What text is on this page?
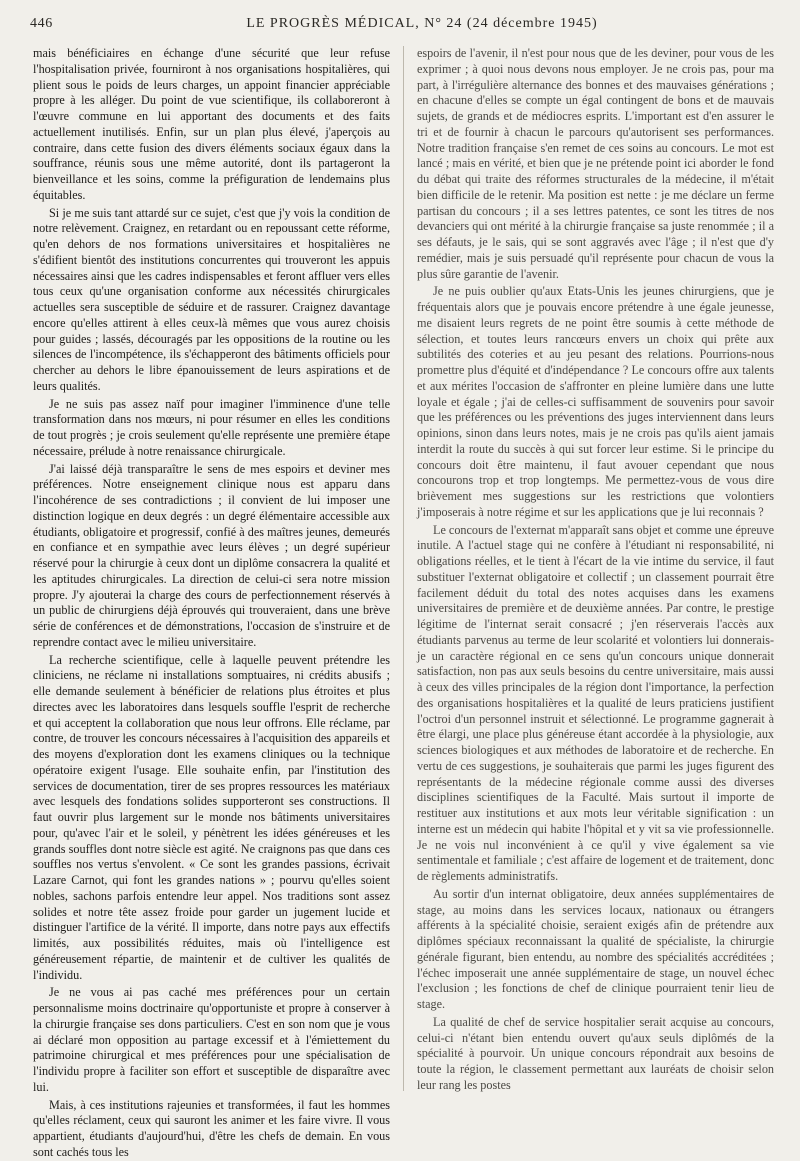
446	LE PROGRÈS MÉDICAL, N° 24 (24 décembre 1945)

mais bénéficiaires en échange d'une sécurité que leur refuse l'hospitalisation privée, fourniront à nos organisations hospitalières, qui plient sous le poids de leurs charges, un appoint financier appréciable propre à les alléger. Du point de vue scientifique, ils collaboreront à l'œuvre commune en lui apportant des documents et des faits actuellement inutilisés. Enfin, sur un plan plus élevé, j'aperçois au contraire, dans cette fusion des divers éléments sociaux égaux dans la souffrance, réunis sous une même autorité, dont ils partageront la bienveillance et les soins, comme la préfiguration de lendemains plus équitables.

Si je me suis tant attardé sur ce sujet, c'est que j'y vois la condition de notre relèvement. Craignez, en retardant ou en repoussant cette réforme, qu'en dehors de nos formations universitaires et hospitalières ne s'édifient bientôt des institutions concurrentes qui trouveront les appuis nécessaires ainsi que les cadres indispensables et feront affluer vers elles tous ceux qu'une organisation conforme aux nécessités chirurgicales actuelles sera susceptible de séduire et de rassurer. Craignez davantage encore qu'elles attirent à elles ceux-là mêmes que vous aurez choisis pour guides ; lassés, découragés par les oppositions de la routine ou les silences de l'incompétence, ils s'échapperont des bâtiments officiels pour chercher au dehors le libre épanouissement de leurs aspirations et de leurs qualités.

Je ne suis pas assez naïf pour imaginer l'imminence d'une telle transformation dans nos mœurs, ni pour résumer en elles les conditions de tout progrès ; je crois seulement qu'elle représente une première étape nécessaire, prélude à notre renaissance chirurgicale.

J'ai laissé déjà transparaître le sens de mes espoirs et deviner mes préférences. Notre enseignement clinique nous est apparu dans l'incohérence de ses contradictions ; il convient de lui imposer une distinction logique en deux degrés : un degré élémentaire accessible aux étudiants, obligatoire et progressif, confié à des maîtres jeunes, demeurés en confiance et en sympathie avec leurs élèves ; un degré supérieur réservé pour la chirurgie à ceux dont un diplôme consacrera la qualité et les aptitudes chirurgicales. La direction de celui-ci sera notre mission propre. J'y ajouterai la charge des cours de perfectionnement réservés à un public de chirurgiens déjà éprouvés qui trouveraient, dans une brève série de conférences et de démonstrations, l'occasion de s'instruire et de reprendre contact avec le milieu universitaire.

La recherche scientifique, celle à laquelle peuvent prétendre les cliniciens, ne réclame ni installations somptuaires, ni crédits abusifs ; elle demande seulement à bénéficier de relations plus étroites et plus directes avec les laboratoires dans lesquels souffle l'esprit de recherche et qui acceptent la collaboration que nous leur offrons. Elle réclame, par contre, de trouver les concours nécessaires à l'acquisition des appareils et des moyens d'exploration dont les examens cliniques ou la technique opératoire exigent l'usage. Elle souhaite enfin, par l'institution des services de documentation, tirer de ses propres ressources les matériaux avec lesquels des fondations solides supporteront ses constructions. Il faut ouvrir plus largement sur le monde nos bâtiments universitaires pour, qu'avec l'air et le soleil, y pénètrent les idées généreuses et les grands souffles dont notre siècle est agité. Ne craignons pas que dans ces souffles nos vertus s'envolent. « Ce sont les grandes passions, écrivait Lazare Carnot, qui font les grandes nations » ; pourvu qu'elles soient nobles, sachons parfois entendre leur appel. Nos traditions sont assez solides et notre tête assez froide pour garder un jugement lucide et distinguer l'artifice de la vérité. Il importe, dans notre pays aux effectifs limités, aux possibilités réduites, mais où l'intelligence est généreusement répartie, de maintenir et de cultiver les qualités de l'individu.

Je ne vous ai pas caché mes préférences pour un certain personnalisme moins doctrinaire qu'opportuniste et propre à conserver à la chirurgie française ses dons particuliers. C'est en son nom que je vous ai déclaré mon opposition au partage excessif et à l'émiettement du patrimoine chirurgical et mes préférences pour une spécialisation de l'individu propre à faciliter son effort et susceptible de disparaître avec lui.

Mais, à ces institutions rajeunies et transformées, il faut les hommes qu'elles réclament, ceux qui sauront les animer et les faire vivre. Il vous appartient, étudiants d'aujourd'hui, d'être les chefs de demain. En vous sont cachés tous les

espoirs de l'avenir, il n'est pour nous que de les deviner, pour vous de les exprimer ; à quoi nous devons nous employer. Je ne crois pas, pour ma part, à l'irrégulière alternance des bonnes et des mauvaises générations ; en chacune d'elles se compte un égal contingent de bons et de mauvais sujets, de grands et de médiocres esprits. L'important est d'en assurer le tri et de fournir à chacun le parcours qu'autorisent ses performances. Notre tradition française s'en remet de ces soins au concours. Le mot est lancé ; mais en vérité, et bien que je ne prétende point ici aborder le fond du débat qui traite des réformes structurales de la médecine, il m'était bien difficile de le retenir. Ma position est nette : je me déclare un ferme partisan du concours ; il a ses lettres patentes, ce sont les titres de nos devanciers qui ont mérité à la chirurgie française sa juste renommée ; il a ses défauts, je le sais, qui se sont aggravés avec l'âge ; il n'est que d'y remédier, mais je suis persuadé qu'il représente pour chacun de vous la plus sûre garantie de l'avenir.

Je ne puis oublier qu'aux Etats-Unis les jeunes chirurgiens, que je fréquentais alors que je pouvais encore prétendre à une égale jeunesse, me disaient leurs regrets de ne point être soumis à cette méthode de sélection, et toutes leurs rancœurs envers un choix qui prête aux subtilités des coteries et au jeu pesant des relations. Pourrions-nous promettre plus d'équité et d'indépendance ? Le concours offre aux talents et aux mérites l'occasion de s'affronter en pleine lumière dans une lutte loyale et égale ; j'ai de celles-ci suffisamment de souvenirs pour savoir que les préférences ou les préventions des juges interviennent dans leurs opinions, sinon dans leurs notes, mais je ne crois pas qu'ils aient jamais interdit la route du succès à qui sut forcer leur estime. Si le principe du concours doit être maintenu, il faut avouer cependant que nous concourons trop et trop longtemps. Me permettez-vous de vous dire brièvement mes suggestions sur les restrictions que volontiers j'imposerais à notre régime et sur les applications que je lui reconnais ?

Le concours de l'externat m'apparaît sans objet et comme une épreuve inutile. A l'actuel stage qui ne confère à l'étudiant ni responsabilité, ni obligations réelles, et le tient à l'écart de la vie intime du service, il faut substituer l'externat obligatoire et collectif ; un classement pourrait être facilement déduit du total des notes acquises dans les examens universitaires de première et de deuxième années. Par contre, le prestige légitime de l'internat serait consacré ; j'en réserverais l'accès aux étudiants parvenus au terme de leur scolarité et volontiers lui donnerais-je un caractère régional en ce sens qu'un concours unique donnerait satisfaction, non pas aux seuls besoins du centre universitaire, mais aussi à ceux des villes principales de la région dont l'importance, la perfection des organisations hospitalières et la qualité de leurs praticiens justifient l'octroi d'un personnel instruit et sélectionné. Le programme gagnerait à être élargi, une place plus généreuse étant accordée à la physiologie, aux sciences biologiques et aux méthodes de laboratoire et de recherche. En vertu de ces suggestions, je souhaiterais que parmi les juges figurent des représentants de la médecine régionale comme aussi des diverses disciplines scientifiques de la Faculté. Mais surtout il importe de restituer aux institutions et aux mots leur véritable signification : un interne est un médecin qui habite l'hôpital et y vit sa vie professionnelle. Je ne vois nul inconvénient à ce qu'il y vive également sa vie sentimentale et familiale ; c'est affaire de logement et de traitement, donc de règlements administratifs.

Au sortir d'un internat obligatoire, deux années supplémentaires de stage, au moins dans les services locaux, nationaux ou étrangers afférents à la spécialité choisie, seraient exigés afin de prétendre aux diplômes spéciaux reconnaissant la qualité de spécialiste, la chirurgie générale figurant, bien entendu, au nombre des spécialités accréditées ; l'échec imposerait une année supplémentaire de stage, un nouvel échec l'exclusion ; les fonctions de chef de clinique pourraient tenir lieu de stage.

La qualité de chef de service hospitalier serait acquise au concours, celui-ci n'étant bien entendu ouvert qu'aux seuls diplômés de la spécialité à pourvoir. Un unique concours répondrait aux besoins de toute la région, le classement permettant aux lauréats de choisir selon leur rang les postes
